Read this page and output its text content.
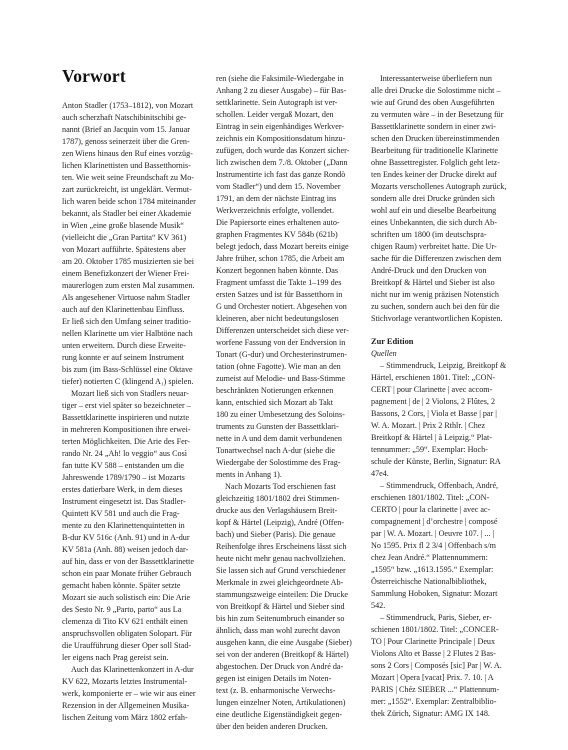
Vorwort
Anton Stadler (1753–1812), von Mozart
auch scherzhaft Natschibinitschibi ge-
nannt (Brief an Jacquin vom 15. Januar
1787), genoss seinerzeit über die Gren-
zen Wiens hinaus den Ruf eines vorzüg-
lichen Klarinettisten und Bassetthornis-
ten. Wie weit seine Freundschaft zu Mo-
zart zurückreicht, ist ungeklärt. Vermut-
lich waren beide schon 1784 miteinander
bekannt, als Stadler bei einer Akademie
in Wien „eine große blasende Musik“
(vielleicht die „Gran Partita“ KV 361)
von Mozart aufführte. Spätestens aber
am 20. Oktober 1785 musizierten sie bei
einem Benefizkonzert der Wiener Frei-
maurerlogen zum ersten Mal zusammen.
Als angesehener Virtuose nahm Stadler
auch auf den Klarinettenbau Einfluss.
Er ließ sich den Umfang seiner traditio-
nellen Klarinette um vier Halbtöne nach
unten erweitern. Durch diese Erweite-
rung konnte er auf seinem Instrument
bis zum (im Bass-Schlüssel eine Oktave
tiefer) notierten C (klingend A₁) spielen.
Mozart ließ sich von Stadlers neuar-
tiger – erst viel später so bezeichneter –
Bassettklarinette inspirieren und nutzte
in mehreren Kompositionen ihre erwei-
terten Möglichkeiten. Die Arie des Fer-
rando Nr. 24 „Ah! lo veggio“ aus Così
fan tutte KV 588 – entstanden um die
Jahreswende 1789/1790 – ist Mozarts
erstes datierbare Werk, in dem dieses
Instrument eingesetzt ist. Das Stadler-
Quintett KV 581 und auch die Frag-
mente zu den Klarinettenquintetten in
B-dur KV 516c (Anh. 91) und in A-dur
KV 581a (Anh. 88) weisen jedoch dar-
auf hin, dass er von der Bassettklarinette
schon ein paar Monate früher Gebrauch
gemacht haben könnte. Später setzte
Mozart sie auch solistisch ein: Die Arie
des Sesto Nr. 9 „Parto, parto“ aus La
clemenza di Tito KV 621 enthält einen
anspruchsvollen obligaten Solopart. Für
die Uraufführung dieser Oper soll Stad-
ler eigens nach Prag gereist sein.
Auch das Klarinettenkonzert in A-dur
KV 622, Mozarts letztes Instrumental-
werk, komponierte er – wie wir aus einer
Rezension in der Allgemeinen Musika-
lischen Zeitung vom März 1802 erfah-
ren (siehe die Faksimile-Wiedergabe in
Anhang 2 zu dieser Ausgabe) – für Bas-
settklarinette. Sein Autograph ist ver-
schollen. Leider vergaß Mozart, den
Eintrag in sein eigenhändiges Werkver-
zeichnis ein Kompositionsdatum hinzu-
zufügen, doch wurde das Konzert sicher-
lich zwischen dem 7./8. Oktober („Dann
Instrumentirte ich fast das ganze Rondò
vom Stadler“) und dem 15. November
1791, an dem der nächste Eintrag ins
Werkverzeichnis erfolgte, vollendet.
Die Papiersorte eines erhaltenen auto-
graphen Fragmentes KV 584b (621b)
belegt jedoch, dass Mozart bereits einige
Jahre früher, schon 1785, die Arbeit am
Konzert begonnen haben könnte. Das
Fragment umfasst die Takte 1–199 des
ersten Satzes und ist für Bassetthorn in
G und Orchester notiert. Abgesehen von
kleineren, aber nicht bedeutungslosen
Differenzen unterscheidet sich diese ver-
worfene Fassung von der Endversion in
Tonart (G-dur) und Orchesterinstrumen-
tation (ohne Fagotte). Wie man an den
zumeist auf Melodie- und Bass-Stimme
beschränkten Notierungen erkennen
kann, entschied sich Mozart ab Takt
180 zu einer Umbesetzung des Soloins-
truments zu Gunsten der Bassettklari-
nette in A und dem damit verbundenen
Tonartwechsel nach A-dur (siehe die
Wiedergabe der Solostimme des Frag-
ments in Anhang 1).
Nach Mozarts Tod erschienen fast
gleichzeitig 1801/1802 drei Stimmen-
drucke aus den Verlagshäusern Breit-
kopf & Härtel (Leipzig), André (Offen-
bach) und Sieber (Paris). Die genaue
Reihenfolge ihres Erscheinens lässt sich
heute nicht mehr genau nachvollziehen.
Sie lassen sich auf Grund verschiedener
Merkmale in zwei gleichgeordnete Ab-
stammungszweige einteilen: Die Drucke
von Breitkopf & Härtel und Sieber sind
bis hin zum Seitenumbruch einander so
ähnlich, dass man wohl zurecht davon
ausgehen kann, die eine Ausgabe (Sieber)
sei von der anderen (Breitkopf & Härtel)
abgestochen. Der Druck von André da-
gegen ist einigen Details im Noten-
text (z. B. enharmonische Verwechs-
lungen einzelner Noten, Artikulationen)
eine deutliche Eigenständigkeit gegen-
über den beiden anderen Drucken.
Interessanterweise überliefern nun
alle drei Drucke die Solostimme nicht –
wie auf Grund des oben Ausgeführten
zu vermuten wäre – in der Besetzung für
Bassettklarinette sondern in einer zwi-
schen den Drucken übereinstimmenden
Bearbeitung für traditionelle Klarinette
ohne Bassettregister. Folglich geht letz-
ten Endes keiner der Drucke direkt auf
Mozarts verschollenes Autograph zurück,
sondern alle drei Drucke gründen sich
wohl auf ein und dieselbe Bearbeitung
eines Unbekannten, die sich durch Ab-
schriften um 1800 (im deutschspra-
chigen Raum) verbreitet hatte. Die Ur-
sache für die Differenzen zwischen dem
André-Druck und den Drucken von
Breitkopf & Härtel und Sieber ist also
nicht nur im wenig präzisen Notenstich
zu suchen, sondern auch bei den für die
Stichvorlage verantwortlichen Kopisten.
Zur Edition
Quellen
– Stimmendruck, Leipzig, Breitkopf &
Härtel, erschienen 1801. Titel: „CON-
CERT | pour Clarinette | avec accom-
pagnement | de | 2 Violons, 2 Flûtes, 2
Bassons, 2 Cors, | Viola et Basse | par |
W. A. Mozart. | Prix 2 Rthlr. | Chez
Breitkopf & Härtel | à Leipzig.“ Plat-
tennummer: „59“. Exemplar: Hoch-
schule der Künste, Berlin, Signatur: RA
47e4.
– Stimmendruck, Offenbach, André,
erschienen 1801/1802. Titel: „CON-
CERTO | pour la clarinette | avec ac-
compagnement | d’orchestre | composé
par | W. A. Mozart. | Oeuvre 107. | ... |
No 1595. Prix fl 2 3/4 | Offenbach s/m
chez Jean André.“ Plattennummern:
„1595“ bzw. „1613.1595.“ Exemplar:
Österreichische Nationalbibliothek,
Sammlung Hoboken, Signatur: Mozart
542.
– Stimmendruck, Paris, Sieber, er-
schienen 1801/1802. Titel: „CONCER-
TO | Pour Clarinette Principale | Deux
Violons Alto et Basse | 2 Flutes 2 Bas-
sons 2 Cors | Composés [sic] Par | W. A.
Mozart | Opera [vacat] Prix. 7. 10. | A
PARIS | Chéz SIEBER ...“ Plattennum-
mer: „1552“. Exemplar: Zentralbiblio-
thek Zürich, Signatur: AMG IX 148.
